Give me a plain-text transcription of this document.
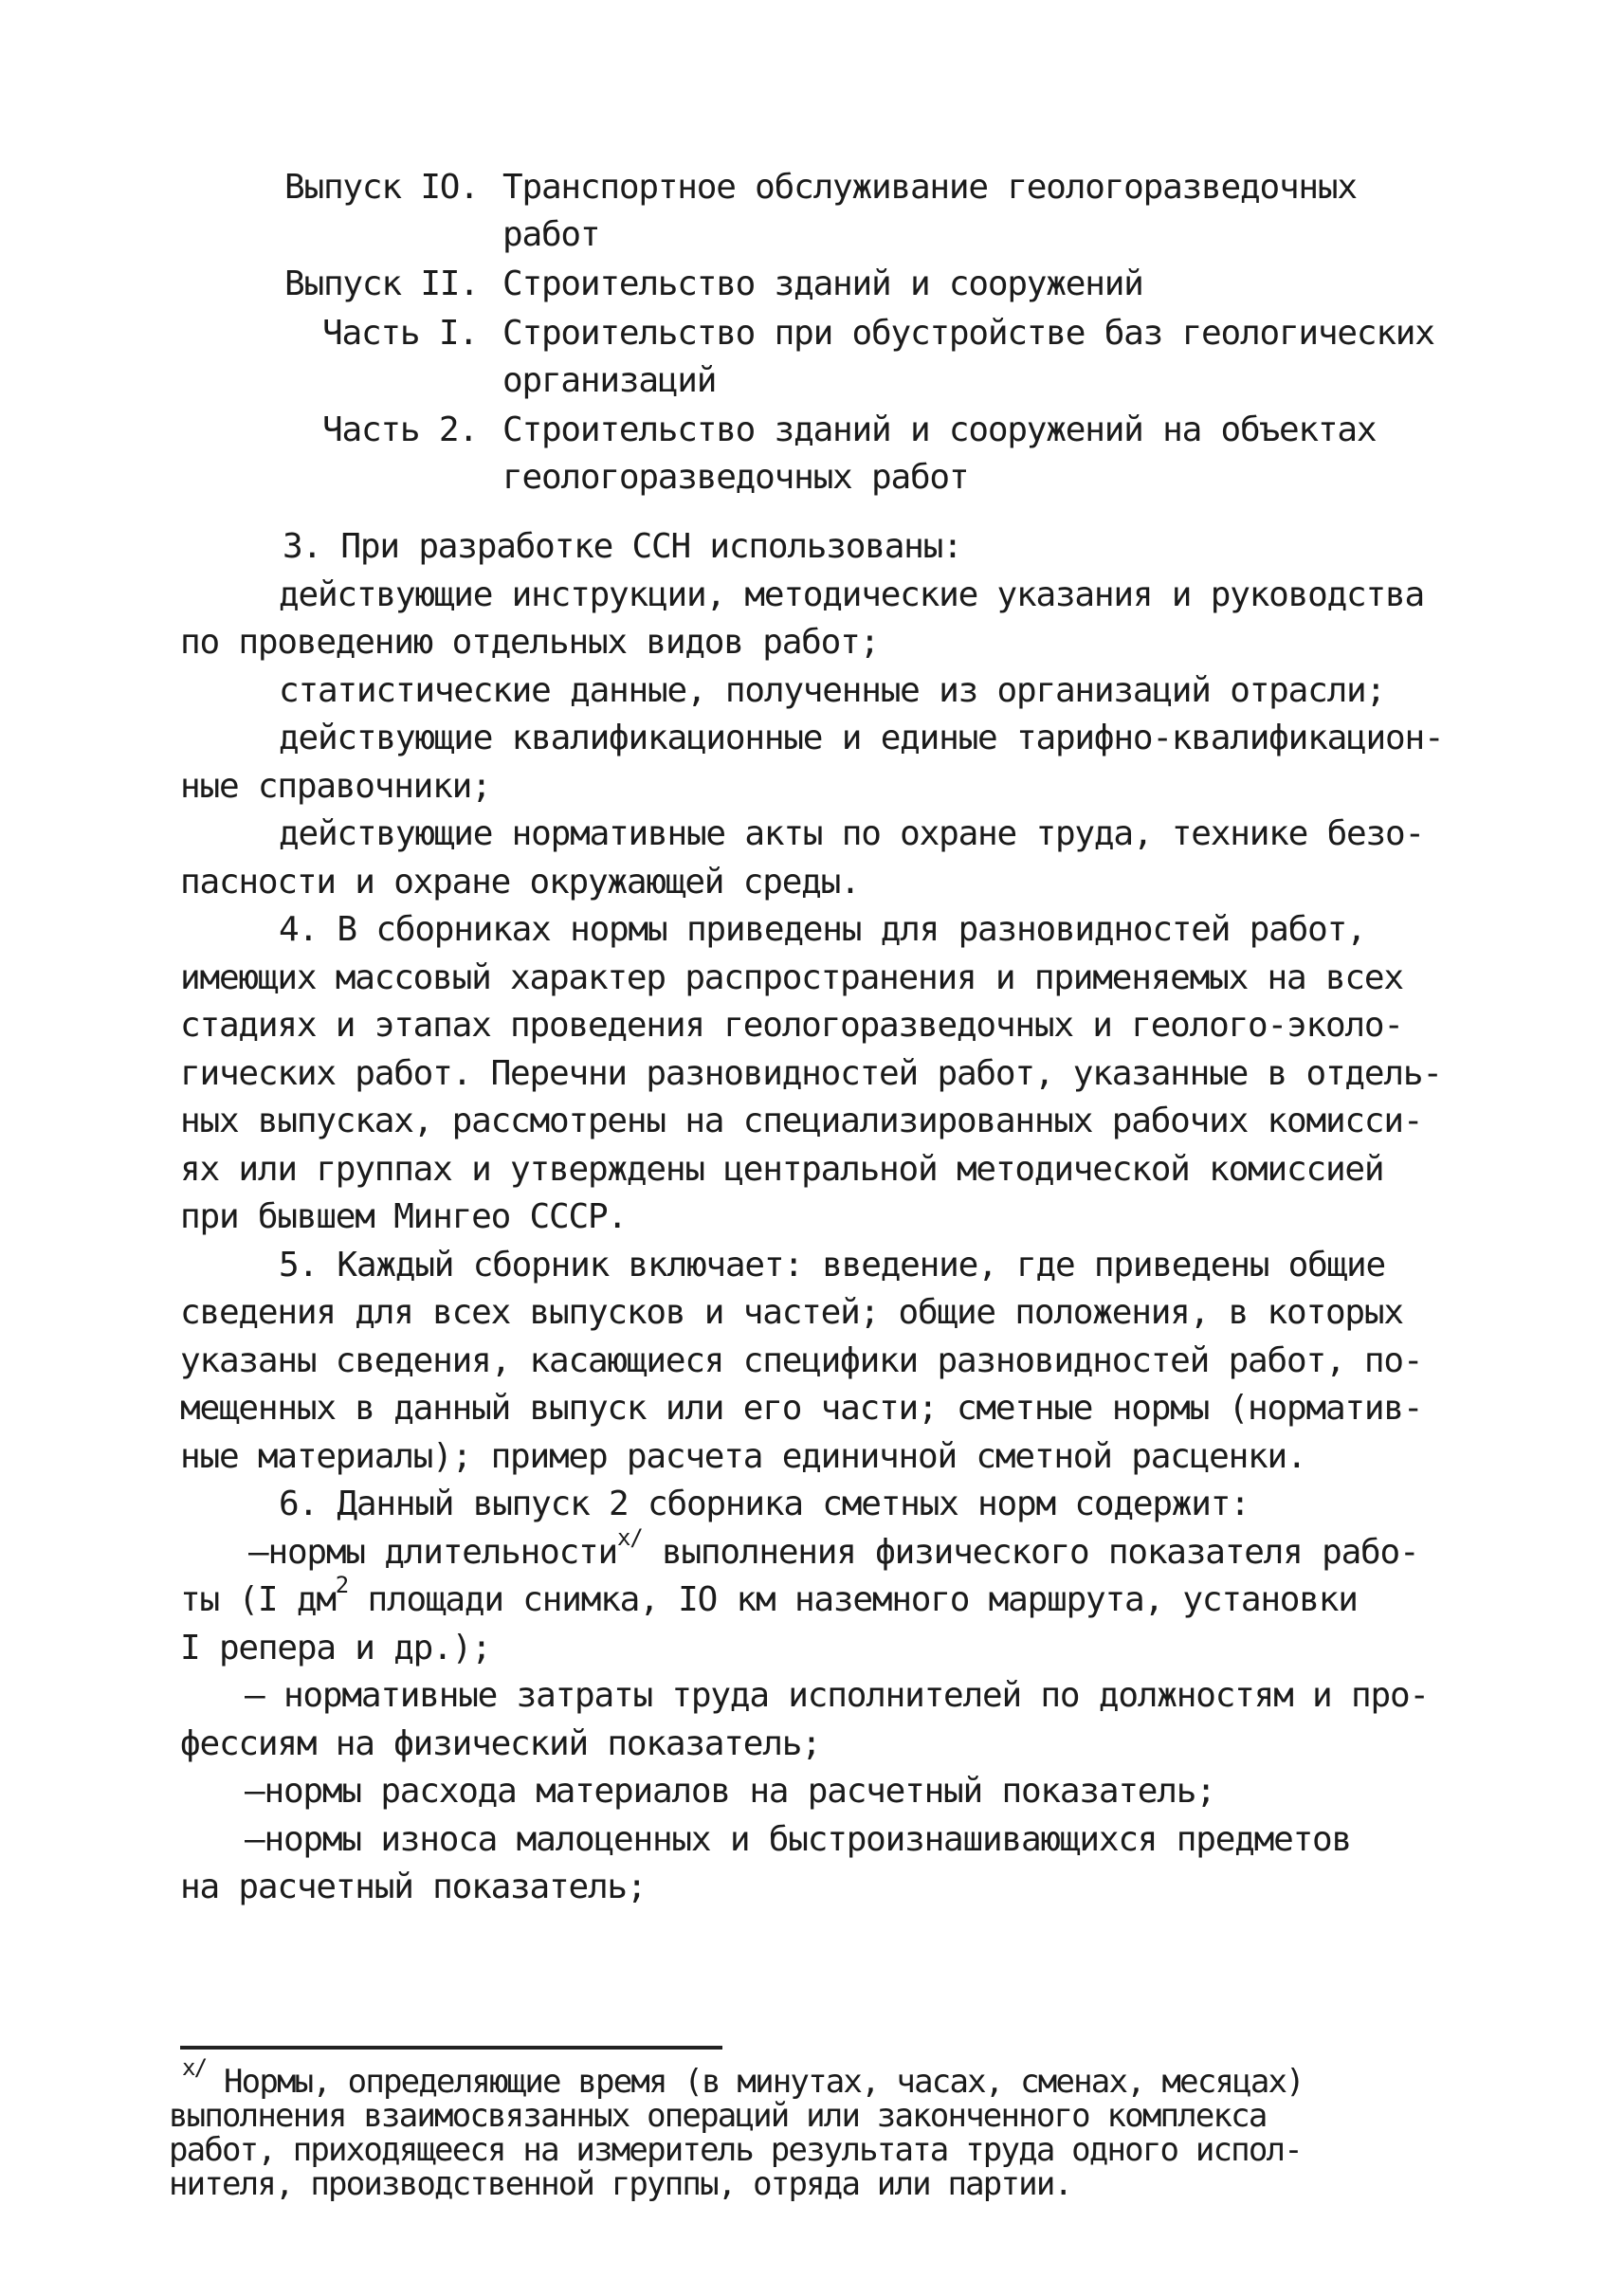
Выпуск IO. Транспортное обслуживание геологоразведочных
работ
Выпуск II. Строительство зданий и сооружений
Часть I. Строительство при обустройстве баз геологических
организаций
Часть 2. Строительство зданий и сооружений на объектах
геологоразведочных работ
3. При разработке ССН использованы:
действующие инструкции, методические указания и руководства
по проведению отдельных видов работ;
статистические данные, полученные из организаций отрасли;
действующие квалификационные и единые тарифно-квалификацион-
ные справочники;
действующие нормативные акты по охране труда, технике безо-
пасности и охране окружающей среды.
4. В сборниках нормы приведены для разновидностей работ,
имеющих массовый характер распространения и применяемых на всех
стадиях и этапах проведения геологоразведочных и геолого-эколо-
гических работ. Перечни разновидностей работ, указанные в отдель-
ных выпусках, рассмотрены на специализированных рабочих комисси-
ях или группах и утверждены центральной методической комиссией
при бывшем Мингео СССР.
5. Каждый сборник включает: введение, где приведены общие
сведения для всех выпусков и частей; общие положения, в которых
указаны сведения, касающиеся специфики разновидностей работ, по-
мещенных в данный выпуск или его части; сметные нормы (норматив-
ные материалы); пример расчета единичной сметной расценки.
6. Данный выпуск 2 сборника сметных норм содержит:
–нормы длительности$^{x/}$ выполнения физического показателя рабо-
ты (I $дм^2$ площади снимка, IO км наземного маршрута, установки
I репера и др.);
– нормативные затраты труда исполнителей по должностям и про-
фессиям на физический показатель;
–нормы расхода материалов на расчетный показатель;
–нормы износа малоценных и быстроизнашивающихся предметов
на расчетный показатель;
$^{x/}$ Нормы, определяющие время (в минутах, часах, сменах, месяцах)
выполнения взаимосвязанных операций или законченного комплекса
работ, приходящееся на измеритель результата труда одного испол-
нителя, производственной группы, отряда или партии.
